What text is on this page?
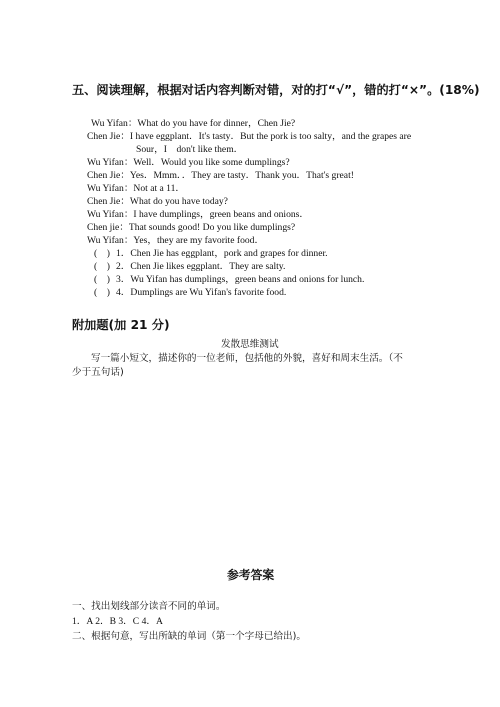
五、阅读理解，根据对话内容判断对错，对的打“√”，错的打“×”。(18%)

Wu Yifan：What do you have for dinner，Chen Jie?

Chen Jie：I have eggplant．It's tasty．But the pork is too salty，and the grapes are

Sour，I　don't like them．

Wu Yifan：Well．Would you like some dumplings?

Chen Jie：Yes．Mmm．．They are tasty．Thank you．That's great!

Wu Yifan：Not at a 11．

Chen Jie：What do you have today?

Wu Yifan：I have dumplings，green beans and onions．

Chen jie：That sounds good! Do you like dumplings?

Wu Yifan：Yes，they are my favorite food．

(　) 1．Chen Jie has eggplant，pork and grapes for dinner.

(　) 2．Chen Jie likes eggplant．They are salty.

(　) 3．Wu Yifan has dumplings，green beans and onions for lunch.

(　) 4．Dumplings are Wu Yifan's favorite food.

附加题(加 21 分)

发散思维测试

写一篇小短文，描述你的一位老师，包括他的外貌，喜好和周末生活。（不

少于五句话)

参考答案

一、找出划线部分读音不同的单词。

1．A 2．B 3．C 4．A

二、根据句意，写出所缺的单词（第一个字母已给出)。
